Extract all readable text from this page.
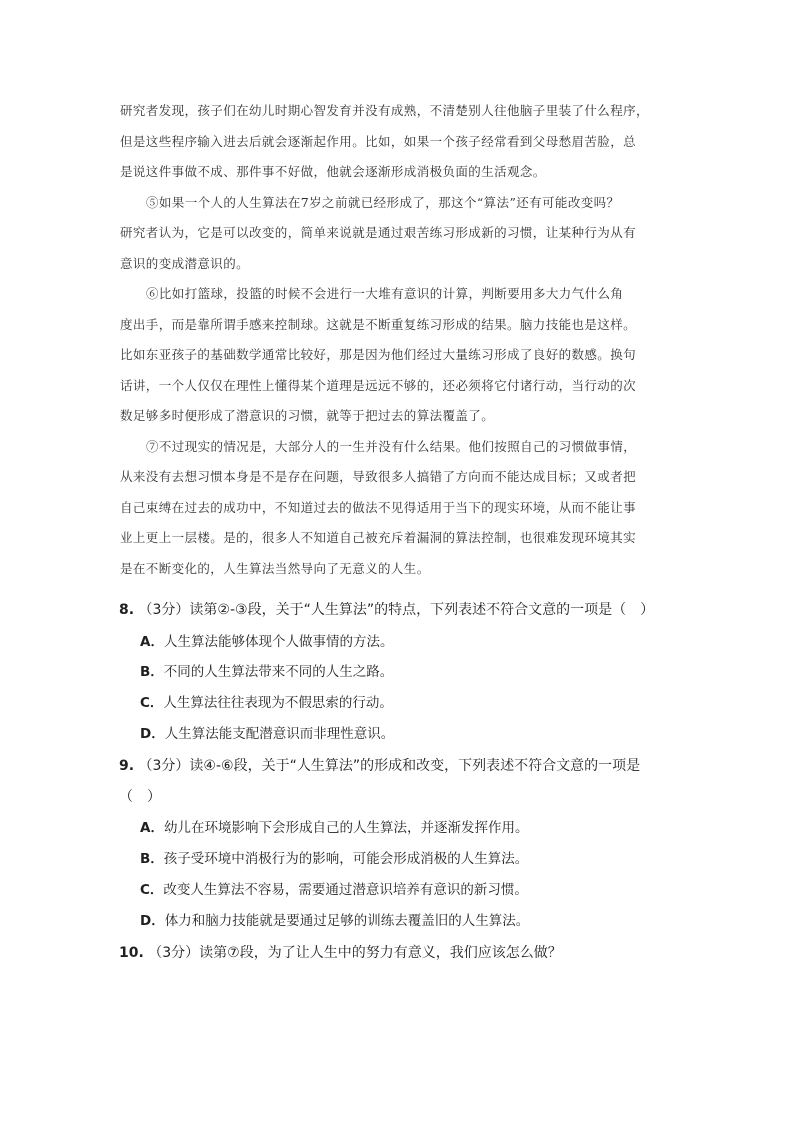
研究者发现，孩子们在幼儿时期心智发育并没有成熟，不清楚别人往他脑子里装了什么程序，
但是这些程序输入进去后就会逐渐起作用。比如，如果一个孩子经常看到父母愁眉苦脸，总
是说这件事做不成、那件事不好做，他就会逐渐形成消极负面的生活观念。
⑤如果一个人的人生算法在7岁之前就已经形成了，那这个“算法”还有可能改变吗？
研究者认为，它是可以改变的，简单来说就是通过艰苦练习形成新的习惯，让某种行为从有
意识的变成潜意识的。
⑥比如打篮球，投篮的时候不会进行一大堆有意识的计算，判断要用多大力气什么角
度出手，而是靠所谓手感来控制球。这就是不断重复练习形成的结果。脑力技能也是这样。
比如东亚孩子的基础数学通常比较好，那是因为他们经过大量练习形成了良好的数感。换句
话讲，一个人仅仅在理性上懂得某个道理是远远不够的，还必须将它付诸行动，当行动的次
数足够多时便形成了潜意识的习惯，就等于把过去的算法覆盖了。
⑦不过现实的情况是，大部分人的一生并没有什么结果。他们按照自己的习惯做事情，
从来没有去想习惯本身是不是存在问题，导致很多人搞错了方向而不能达成目标；又或者把
自己束缚在过去的成功中，不知道过去的做法不见得适用于当下的现实环境，从而不能让事
业上更上一层楼。是的，很多人不知道自己被充斥着漏洞的算法控制，也很难发现环境其实
是在不断变化的，人生算法当然导向了无意义的人生。
8. （3分）读第②-③段，关于“人生算法”的特点，下列表述不符合文意的一项是（　）
A．人生算法能够体现个人做事情的方法。
B．不同的人生算法带来不同的人生之路。
C．人生算法往往表现为不假思索的行动。
D．人生算法能支配潜意识而非理性意识。
9. （3分）读④-⑥段，关于“人生算法”的形成和改变，下列表述不符合文意的一项是
（　）
A．幼儿在环境影响下会形成自己的人生算法，并逐渐发挥作用。
B．孩子受环境中消极行为的影响，可能会形成消极的人生算法。
C．改变人生算法不容易，需要通过潜意识培养有意识的新习惯。
D．体力和脑力技能就是要通过足够的训练去覆盖旧的人生算法。
10. （3分）读第⑦段，为了让人生中的努力有意义，我们应该怎么做？
